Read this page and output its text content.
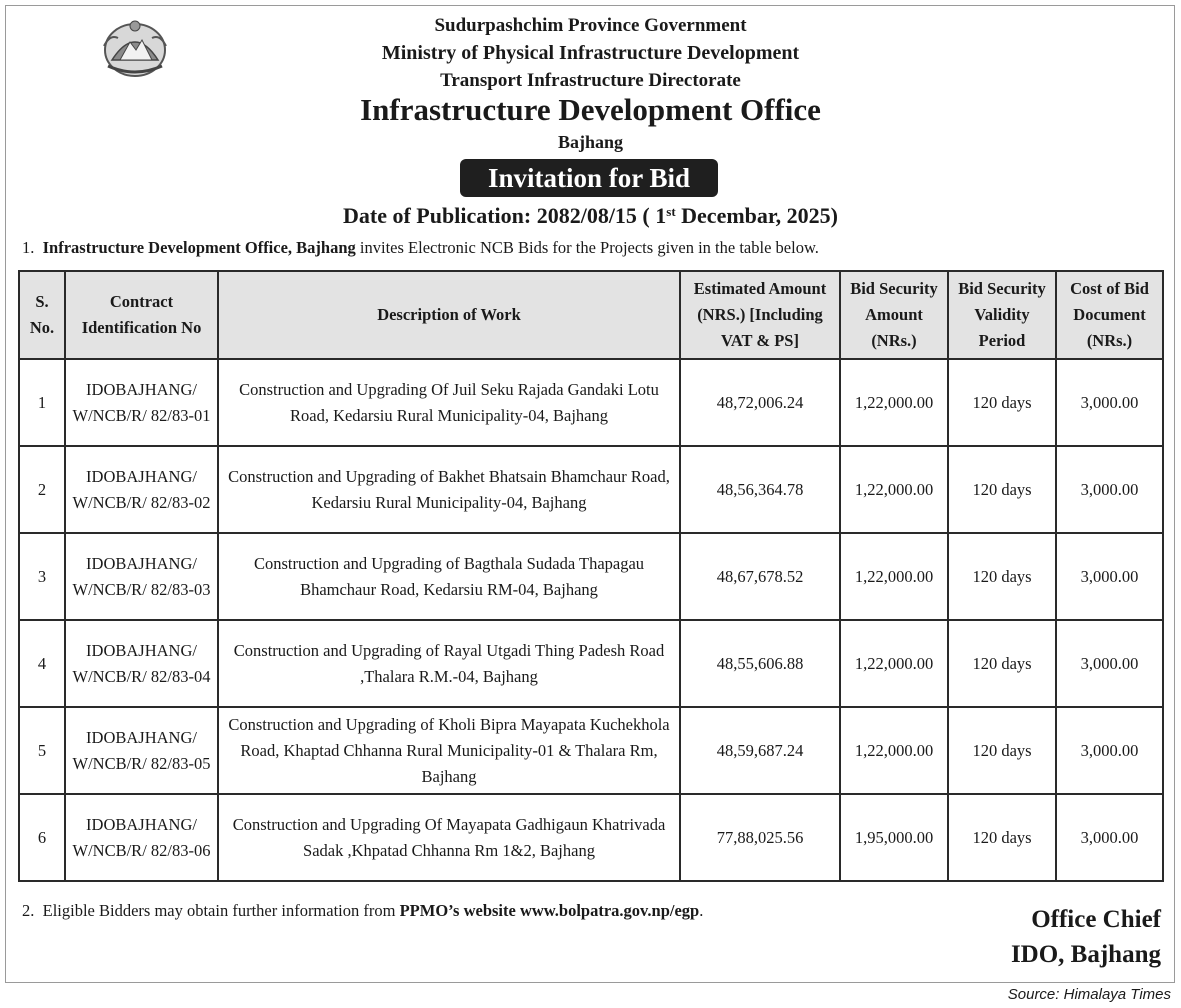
Sudurpashchim Province Government
Ministry of Physical Infrastructure Development
Transport Infrastructure Directorate
Infrastructure Development Office
Bajhang
Invitation for Bid
Date of Publication: 2082/08/15 ( 1st Decembar, 2025)
1. Infrastructure Development Office, Bajhang invites Electronic NCB Bids for the Projects given in the table below.
S. No.	Contract Identification No	Description of Work	Estimated Amount (NRS.) [Including VAT & PS]	Bid Security Amount (NRs.)	Bid Security Validity Period	Cost of Bid Document (NRs.)
1	IDOBAJHANG/ W/NCB/R/ 82/83-01	Construction and Upgrading Of Juil Seku Rajada Gandaki Lotu Road, Kedarsiu Rural Municipality-04, Bajhang	48,72,006.24	1,22,000.00	120 days	3,000.00
2	IDOBAJHANG/ W/NCB/R/ 82/83-02	Construction and Upgrading of Bakhet Bhatsain Bhamchaur Road, Kedarsiu Rural Municipality-04, Bajhang	48,56,364.78	1,22,000.00	120 days	3,000.00
3	IDOBAJHANG/ W/NCB/R/ 82/83-03	Construction and Upgrading of Bagthala Sudada Thapagau Bhamchaur Road, Kedarsiu RM-04, Bajhang	48,67,678.52	1,22,000.00	120 days	3,000.00
4	IDOBAJHANG/ W/NCB/R/ 82/83-04	Construction and Upgrading of Rayal Utgadi Thing Padesh Road ,Thalara R.M.-04, Bajhang	48,55,606.88	1,22,000.00	120 days	3,000.00
5	IDOBAJHANG/ W/NCB/R/ 82/83-05	Construction and Upgrading of Kholi Bipra Mayapata Kuchekhola Road, Khaptad Chhanna Rural Municipality-01 & Thalara Rm, Bajhang	48,59,687.24	1,22,000.00	120 days	3,000.00
6	IDOBAJHANG/ W/NCB/R/ 82/83-06	Construction and Upgrading Of Mayapata Gadhigaun Khatrivada Sadak ,Khpatad Chhanna Rm 1&2, Bajhang	77,88,025.56	1,95,000.00	120 days	3,000.00
2. Eligible Bidders may obtain further information from PPMO’s website www.bolpatra.gov.np/egp.	Office Chief
IDO, Bajhang
Source: Himalaya Times
